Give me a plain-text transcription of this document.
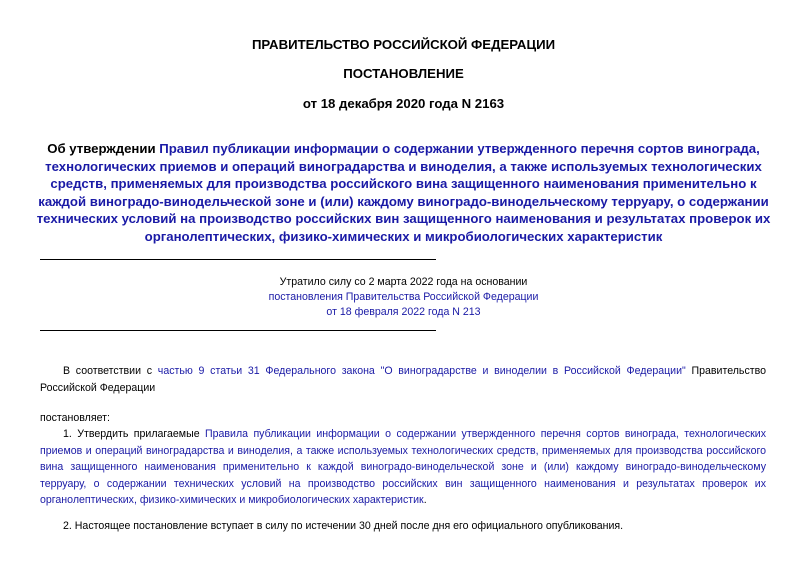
ПРАВИТЕЛЬСТВО РОССИЙСКОЙ ФЕДЕРАЦИИ
ПОСТАНОВЛЕНИЕ
от 18 декабря 2020 года N 2163
Об утверждении Правил публикации информации о содержании утвержденного перечня сортов винограда, технологических приемов и операций виноградарства и виноделия, а также используемых технологических средств, применяемых для производства российского вина защищенного наименования применительно к каждой виноградо-винодельческой зоне и (или) каждому виноградо-винодельческому терруару, о содержании технических условий на производство российских вин защищенного наименования и результатах проверок их органолептических, физико-химических и микробиологических характеристик
Утратило силу со 2 марта 2022 года на основании
постановления Правительства Российской Федерации
от 18 февраля 2022 года N 213
В соответствии с частью 9 статьи 31 Федерального закона "О виноградарстве и виноделии в Российской Федерации" Правительство Российской Федерации
постановляет:
1. Утвердить прилагаемые Правила публикации информации о содержании утвержденного перечня сортов винограда, технологических приемов и операций виноградарства и виноделия, а также используемых технологических средств, применяемых для производства российского вина защищенного наименования применительно к каждой виноградо-винодельческой зоне и (или) каждому виноградо-винодельческому терруару, о содержании технических условий на производство российских вин защищенного наименования и результатах проверок их органолептических, физико-химических и микробиологических характеристик.
2. Настоящее постановление вступает в силу по истечении 30 дней после дня его официального опубликования.
